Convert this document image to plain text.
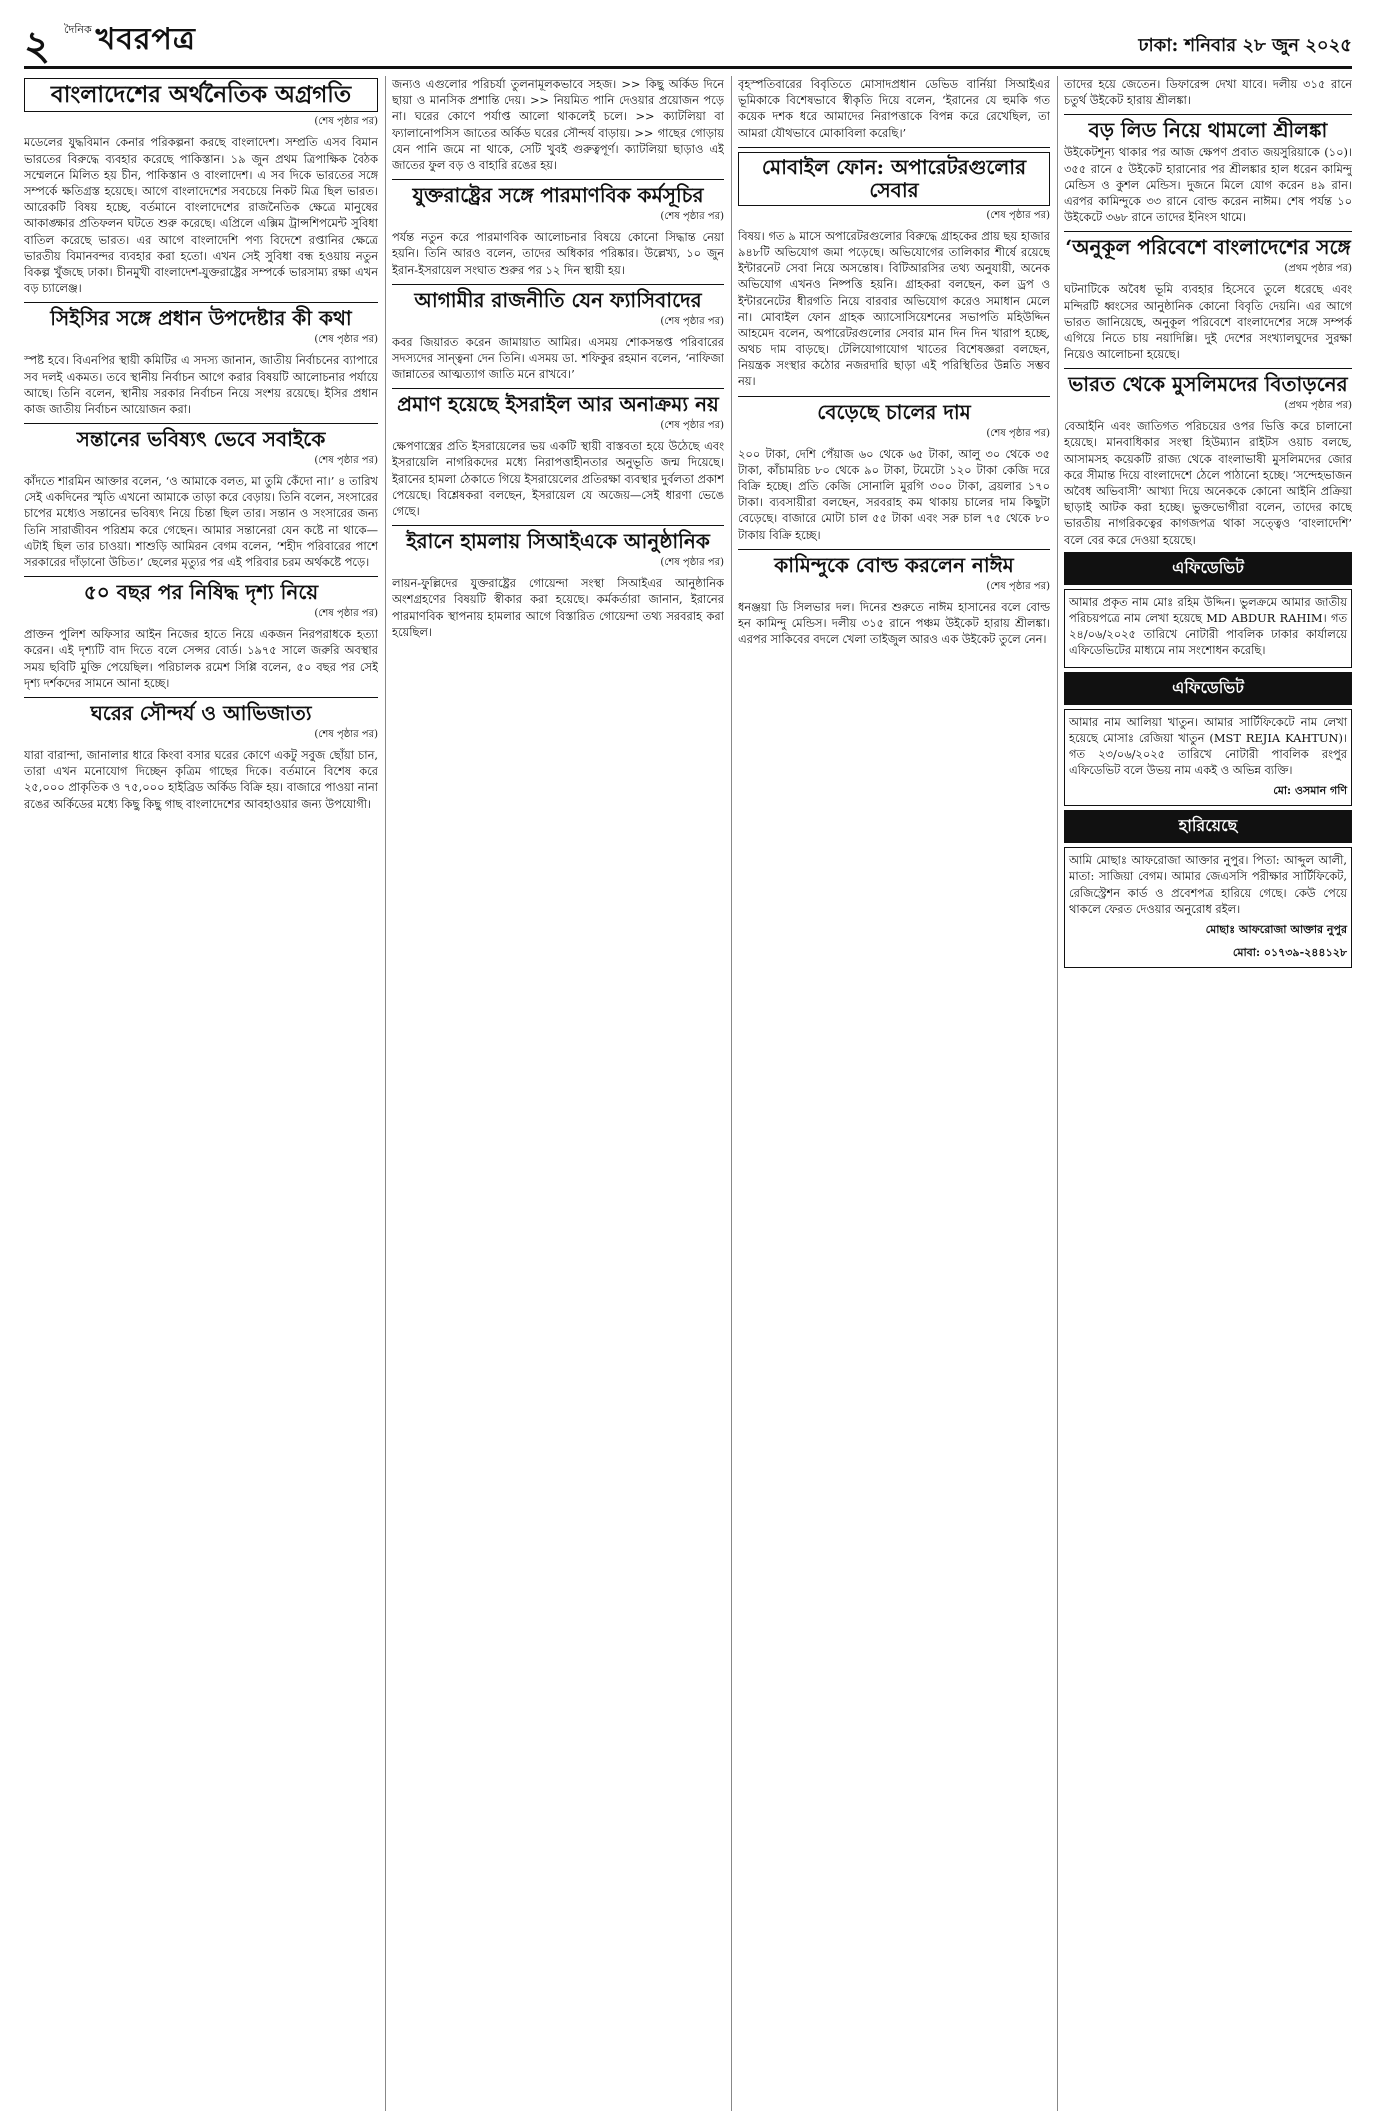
২ দৈনিক খবরপত্র	ঢাকা: শনিবার ২৮ জুন ২০২৫
বাংলাদেশের অর্থনৈতিক অগ্রগতি
(শেষ পৃষ্ঠার পর)

মডেলের যুদ্ধবিমান কেনার পরিকল্পনা করছে বাংলাদেশ। সম্প্রতি এসব বিমান ভারতের বিরুদ্ধে ব্যবহার করেছে পাকিস্তান। ১৯ জুন প্রথম ত্রিপাক্ষিক বৈঠক সম্মেলনে মিলিত হয় চীন, পাকিস্তান ও বাংলাদেশ। এ সব দিকে ভারতের সঙ্গে সম্পর্কে ক্ষতিগ্রস্ত হয়েছে। আগে বাংলাদেশের সবচেয়ে নিকট মিত্র ছিল ভারত। আরেকটি বিষয় হচ্ছে, বর্তমানে বাংলাদেশের রাজনৈতিক ক্ষেত্রে মানুষের আকাঙ্ক্ষার প্রতিফলন ঘটতে শুরু করেছে। এপ্রিলে এক্সিম ট্রান্সশিপমেন্ট সুবিধা বাতিল করেছে ভারত। এর আগে বাংলাদেশি পণ্য বিদেশে রপ্তানির ক্ষেত্রে ভারতীয় বিমানবন্দর ব্যবহার করা হতো। এখন সেই সুবিধা বন্ধ হওয়ায় নতুন বিকল্প খুঁজছে ঢাকা। চীনমুখী বাংলাদেশ-যুক্তরাষ্ট্রের সম্পর্কে ভারসাম্য রক্ষা এখন বড় চ্যালেঞ্জ।

সিইসির সঙ্গে প্রধান উপদেষ্টার কী কথা
(শেষ পৃষ্ঠার পর)

স্পষ্ট হবে। বিএনপির স্থায়ী কমিটির এ সদস্য জানান, জাতীয় নির্বাচনের ব্যাপারে সব দলই একমত। তবে স্থানীয় নির্বাচন আগে করার বিষয়টি আলোচনার পর্যায়ে আছে। তিনি বলেন, স্থানীয় সরকার নির্বাচন নিয়ে সংশয় রয়েছে। ইসির প্রধান কাজ জাতীয় নির্বাচন আয়োজন করা।

সন্তানের ভবিষ্যৎ ভেবে সবাইকে
(শেষ পৃষ্ঠার পর)

কাঁদতে শারমিন আক্তার বলেন, ‘ও আমাকে বলত, মা তুমি কেঁদো না।’ ৪ তারিখ সেই একদিনের স্মৃতি এখনো আমাকে তাড়া করে বেড়ায়। তিনি বলেন, সংসারের চাপের মধ্যেও সন্তানের ভবিষ্যৎ নিয়ে চিন্তা ছিল তার। সন্তান ও সংসারের জন্য তিনি সারাজীবন পরিশ্রম করে গেছেন। আমার সন্তানেরা যেন কষ্টে না থাকে—এটাই ছিল তার চাওয়া। শাশুড়ি আমিরন বেগম বলেন, ‘শহীদ পরিবারের পাশে সরকারের দাঁড়ানো উচিত।’ ছেলের মৃত্যুর পর এই পরিবার চরম অর্থকষ্টে পড়ে।

৫০ বছর পর নিষিদ্ধ দৃশ্য নিয়ে
(শেষ পৃষ্ঠার পর)

প্রাক্তন পুলিশ অফিসার আইন নিজের হাতে নিয়ে একজন নিরপরাধকে হত্যা করেন। এই দৃশ্যটি বাদ দিতে বলে সেন্সর বোর্ড। ১৯৭৫ সালে জরুরি অবস্থার সময় ছবিটি মুক্তি পেয়েছিল। পরিচালক রমেশ সিপ্পি বলেন, ৫০ বছর পর সেই দৃশ্য দর্শকদের সামনে আনা হচ্ছে।

ঘরের সৌন্দর্য ও আভিজাত্য
(শেষ পৃষ্ঠার পর)

যারা বারান্দা, জানালার ধারে কিংবা বসার ঘরের কোণে একটু সবুজ ছোঁয়া চান, তারা এখন মনোযোগ দিচ্ছেন কৃত্রিম গাছের দিকে। বর্তমানে বিশেষ করে ২৫,০০০ প্রাকৃতিক ও ৭৫,০০০ হাইব্রিড অর্কিড বিক্রি হয়। বাজারে পাওয়া নানা রঙের অর্কিডের মধ্যে কিছু কিছু গাছ বাংলাদেশের আবহাওয়ার জন্য উপযোগী।

জন্যও এগুলোর পরিচর্যা তুলনামূলকভাবে সহজ। >> কিছু অর্কিড দিনে ছায়া ও মানসিক প্রশান্তি দেয়। >> নিয়মিত পানি দেওয়ার প্রয়োজন পড়ে না। ঘরের কোণে পর্যাপ্ত আলো থাকলেই চলে। >> ক্যাটলিয়া বা ফ্যালানোপসিস জাতের অর্কিড ঘরের সৌন্দর্য বাড়ায়। >> গাছের গোড়ায় যেন পানি জমে না থাকে, সেটি খুবই গুরুত্বপূর্ণ। ক্যাটলিয়া ছাড়াও এই জাতের ফুল বড় ও বাহারি রঙের হয়।

যুক্তরাষ্ট্রের সঙ্গে পারমাণবিক কর্মসূচির
(শেষ পৃষ্ঠার পর)

পর্যন্ত নতুন করে পারমাণবিক আলোচনার বিষয়ে কোনো সিদ্ধান্ত নেয়া হয়নি। তিনি আরও বলেন, তাদের অধিকার পরিষ্কার। উল্লেখ্য, ১০ জুন ইরান-ইসরায়েল সংঘাত শুরুর পর ১২ দিন স্থায়ী হয়।

আগামীর রাজনীতি যেন ফ্যাসিবাদের
(শেষ পৃষ্ঠার পর)

কবর জিয়ারত করেন জামায়াত আমির। এসময় শোকসন্তপ্ত পরিবারের সদস্যদের সান্ত্বনা দেন তিনি। এসময় ডা. শফিকুর রহমান বলেন, ‘নাফিজা জান্নাতের আত্মত্যাগ জাতি মনে রাখবে।’

প্রমাণ হয়েছে ইসরাইল আর অনাক্রম্য নয়
(শেষ পৃষ্ঠার পর)

ক্ষেপণাস্ত্রের প্রতি ইসরায়েলের ভয় একটি স্থায়ী বাস্তবতা হয়ে উঠেছে এবং ইসরায়েলি নাগরিকদের মধ্যে নিরাপত্তাহীনতার অনুভূতি জন্ম দিয়েছে। ইরানের হামলা ঠেকাতে গিয়ে ইসরায়েলের প্রতিরক্ষা ব্যবস্থার দুর্বলতা প্রকাশ পেয়েছে। বিশ্লেষকরা বলছেন, ইসরায়েল যে অজেয়—সেই ধারণা ভেঙে গেছে।

ইরানে হামলায় সিআইএকে আনুষ্ঠানিক
(শেষ পৃষ্ঠার পর)

লায়ন-ফুল্লিদের যুক্তরাষ্ট্রের গোয়েন্দা সংস্থা সিআইএর আনুষ্ঠানিক অংশগ্রহণের বিষয়টি স্বীকার করা হয়েছে। কর্মকর্তারা জানান, ইরানের পারমাণবিক স্থাপনায় হামলার আগে বিস্তারিত গোয়েন্দা তথ্য সরবরাহ করা হয়েছিল।

বৃহস্পতিবারের বিবৃতিতে মোসাদপ্রধান ডেভিড বার্নিয়া সিআইএর ভূমিকাকে বিশেষভাবে স্বীকৃতি দিয়ে বলেন, ‘ইরানের যে হুমকি গত কয়েক দশক ধরে আমাদের নিরাপত্তাকে বিপন্ন করে রেখেছিল, তা আমরা যৌথভাবে মোকাবিলা করেছি।’

মোবাইল ফোন: অপারেটরগুলোর সেবার
(শেষ পৃষ্ঠার পর)

বিষয়। গত ৯ মাসে অপারেটরগুলোর বিরুদ্ধে গ্রাহকের প্রায় ছয় হাজার ৯৪৮টি অভিযোগ জমা পড়েছে। অভিযোগের তালিকার শীর্ষে রয়েছে ইন্টারনেট সেবা নিয়ে অসন্তোষ। বিটিআরসির তথ্য অনুযায়ী, অনেক অভিযোগ এখনও নিষ্পত্তি হয়নি। গ্রাহকরা বলছেন, কল ড্রপ ও ইন্টারনেটের ধীরগতি নিয়ে বারবার অভিযোগ করেও সমাধান মেলে না। মোবাইল ফোন গ্রাহক অ্যাসোসিয়েশনের সভাপতি মহিউদ্দিন আহমেদ বলেন, অপারেটরগুলোর সেবার মান দিন দিন খারাপ হচ্ছে, অথচ দাম বাড়ছে। টেলিযোগাযোগ খাতের বিশেষজ্ঞরা বলছেন, নিয়ন্ত্রক সংস্থার কঠোর নজরদারি ছাড়া এই পরিস্থিতির উন্নতি সম্ভব নয়।

বেড়েছে চালের দাম
(শেষ পৃষ্ঠার পর)

২০০ টাকা, দেশি পেঁয়াজ ৬০ থেকে ৬৫ টাকা, আলু ৩০ থেকে ৩৫ টাকা, কাঁচামরিচ ৮০ থেকে ৯০ টাকা, টমেটো ১২০ টাকা কেজি দরে বিক্রি হচ্ছে। প্রতি কেজি সোনালি মুরগি ৩০০ টাকা, ব্রয়লার ১৭০ টাকা। ব্যবসায়ীরা বলছেন, সরবরাহ কম থাকায় চালের দাম কিছুটা বেড়েছে। বাজারে মোটা চাল ৫৫ টাকা এবং সরু চাল ৭৫ থেকে ৮০ টাকায় বিক্রি হচ্ছে।

কামিন্দুকে বোল্ড করলেন নাঈম
(শেষ পৃষ্ঠার পর)

ধনঞ্জয়া ডি সিলভার দল। দিনের শুরুতে নাঈম হাসানের বলে বোল্ড হন কামিন্দু মেন্ডিস। দলীয় ৩১৫ রানে পঞ্চম উইকেট হারায় শ্রীলঙ্কা। এরপর সাকিবের বদলে খেলা তাইজুল আরও এক উইকেট তুলে নেন।

তাদের হয়ে জেতেন। ডিফারেন্স দেখা যাবে। দলীয় ৩১৫ রানে চতুর্থ উইকেট হারায় শ্রীলঙ্কা।

বড় লিড নিয়ে থামলো শ্রীলঙ্কা

উইকেটশূন্য থাকার পর আজ ক্ষেপণ প্রবাত জয়সুরিয়াকে (১০)। ৩৫৫ রানে ৫ উইকেট হারানোর পর শ্রীলঙ্কার হাল ধরেন কামিন্দু মেন্ডিস ও কুশল মেন্ডিস। দুজনে মিলে যোগ করেন ৪৯ রান। এরপর কামিন্দুকে ৩৩ রানে বোল্ড করেন নাঈম। শেষ পর্যন্ত ১০ উইকেটে ৩৬৮ রানে তাদের ইনিংস থামে।

‘অনুকূল পরিবেশে বাংলাদেশের সঙ্গে
(প্রথম পৃষ্ঠার পর)

ঘটনাটিকে অবৈধ ভূমি ব্যবহার হিসেবে তুলে ধরেছে এবং মন্দিরটি ধ্বংসের আনুষ্ঠানিক কোনো বিবৃতি দেয়নি। এর আগে ভারত জানিয়েছে, অনুকূল পরিবেশে বাংলাদেশের সঙ্গে সম্পর্ক এগিয়ে নিতে চায় নয়াদিল্লি। দুই দেশের সংখ্যালঘুদের সুরক্ষা নিয়েও আলোচনা হয়েছে।

ভারত থেকে মুসলিমদের বিতাড়নের
(প্রথম পৃষ্ঠার পর)

বেআইনি এবং জাতিগত পরিচয়ের ওপর ভিত্তি করে চালানো হয়েছে। মানবাধিকার সংস্থা হিউম্যান রাইটস ওয়াচ বলছে, আসামসহ কয়েকটি রাজ্য থেকে বাংলাভাষী মুসলিমদের জোর করে সীমান্ত দিয়ে বাংলাদেশে ঠেলে পাঠানো হচ্ছে। ‘সন্দেহভাজন অবৈধ অভিবাসী’ আখ্যা দিয়ে অনেককে কোনো আইনি প্রক্রিয়া ছাড়াই আটক করা হচ্ছে। ভুক্তভোগীরা বলেন, তাদের কাছে ভারতীয় নাগরিকত্বের কাগজপত্র থাকা সত্ত্বেও ‘বাংলাদেশি’ বলে বের করে দেওয়া হয়েছে।

এফিডেভিট

আমার প্রকৃত নাম মোঃ রহিম উদ্দিন। ভুলক্রমে আমার জাতীয় পরিচয়পত্রে নাম লেখা হয়েছে MD ABDUR RAHIM। গত ২৪/০৬/২০২৫ তারিখে নোটারী পাবলিক ঢাকার কার্যালয়ে এফিডেভিটের মাধ্যমে নাম সংশোধন করেছি।

এফিডেভিট

আমার নাম আলিয়া খাতুন। আমার সার্টিফিকেটে নাম লেখা হয়েছে মোসাঃ রেজিয়া খাতুন (MST REJIA KAHTUN)। গত ২৩/০৬/২০২৫ তারিখে নোটারী পাবলিক রংপুর এফিডেভিট বলে উভয় নাম একই ও অভিন্ন ব্যক্তি।

মো: ওসমান গণি
হারিয়েছে

আমি মোছাঃ আফরোজা আক্তার নুপুর। পিতা: আব্দুল আলী, মাতা: সাজিয়া বেগম। আমার জেএসসি পরীক্ষার সার্টিফিকেট, রেজিস্ট্রেশন কার্ড ও প্রবেশপত্র হারিয়ে গেছে। কেউ পেয়ে থাকলে ফেরত দেওয়ার অনুরোধ রইল।

মোছাঃ আফরোজা আক্তার নুপুর
মোবা: ০১৭৩৯-২৪৪১২৮
